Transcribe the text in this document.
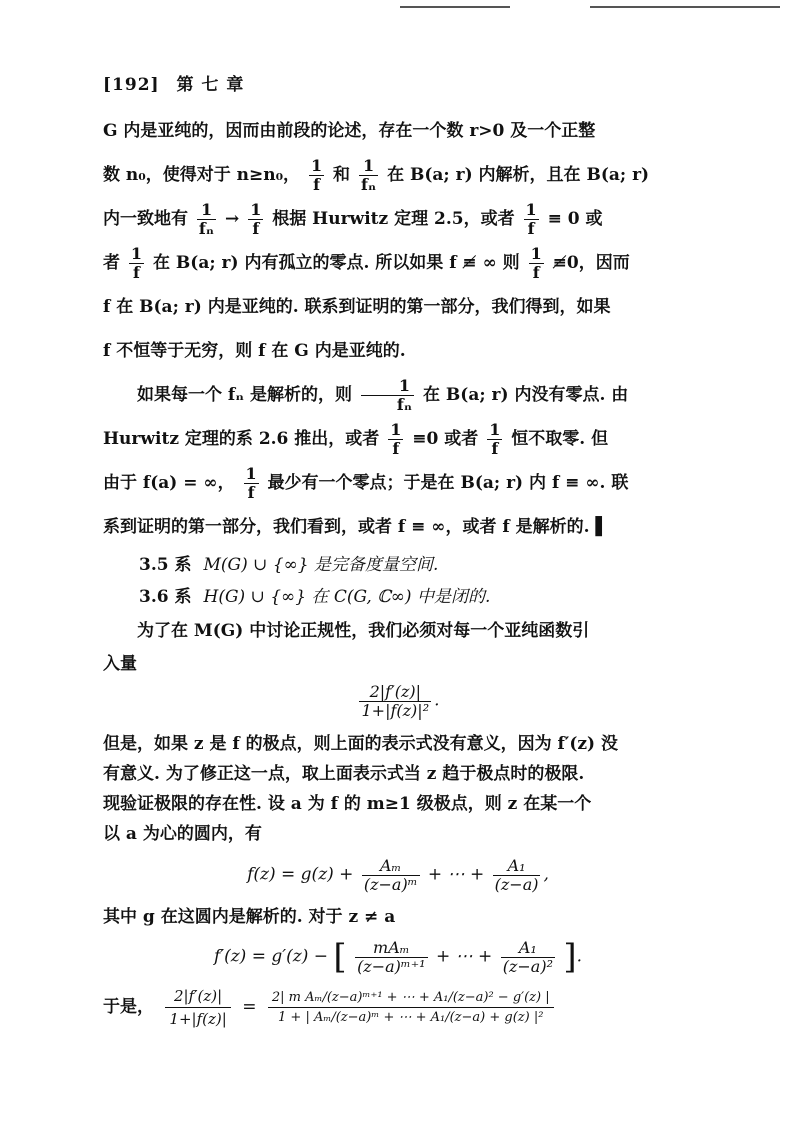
[192] 第 七 章

G 内是亚纯的，因而由前段的论述，存在一个数 r>0 及一个正整

数 n₀，使得对于 n≥n₀， $\frac{1}{f}$ 和 $\frac{1}{\text{fₙ}}$ 在 B(a; r) 内解析，且在 B(a; r)

内一致地有 $\frac{1}{\text{fₙ}} \to \frac{1}{f}$ 根据 Hurwitz 定理 2.5，或者 $\frac{1}{f} \equiv 0$ 或

者 $\frac{1}{f}$ 在 B(a; r) 内有孤立的零点. 所以如果 f ≢ ∞ 则 $\frac{1}{f}$ ≢0，因而

f 在 B(a; r) 内是亚纯的. 联系到证明的第一部分，我们得到，如果

f 不恒等于无穷，则 f 在 G 内是亚纯的.

如果每一个 fₙ 是解析的，则 $\frac{1}{\text{fₙ}}$ 在 B(a; r) 内没有零点. 由

Hurwitz 定理的系 2.6 推出，或者 $\frac{1}{f} \equiv 0$ 或者 $\frac{1}{f}$ 恒不取零. 但

由于 f(a) = ∞， $\frac{1}{f}$ 最少有一个零点；于是在 B(a; r) 内 f ≡ ∞. 联

系到证明的第一部分，我们看到，或者 f ≡ ∞，或者 f 是解析的. ▌

3.5 系 M(G) ∪ {∞} 是完备度量空间.
3.6 系 H(G) ∪ {∞} 在 C(G, ℂ∞) 中是闭的.

为了在 M(G) 中讨论正规性，我们必须对每一个亚纯函数引

入量

$\frac{2|f'(z)|}{\text{1+|f(z)|²}}$ .

但是，如果 z 是 f 的极点，则上面的表示式没有意义，因为 f′(z) 没

有意义. 为了修正这一点，取上面表示式当 z 趋于极点时的极限.

现验证极限的存在性. 设 a 为 f 的 m≥1 级极点，则 z 在某一个

以 a 为心的圆内，有

$f(z) = g(z) + \frac{\text{Aₘ}}{\text{(z−a)ᵐ}}$ + ⋯ + $\frac{\text{A₁}}{(z-a)}$ ,

其中 g 在这圆内是解析的. 对于 z ≠ a

f′(z) = g′(z) − [ $\frac{\text{mAₘ}}{\text{(z−a)ᵐ⁺¹}}$ + ⋯ + $\frac{\text{A₁}}{\text{(z−a)²}}$ ].
于是， $\frac{2|f'(z)|}{1+|f(z)|} = \frac{\text{2| m Aₘ/(z−a)ᵐ⁺¹ + ⋯ + A₁/(z−a)² − g′(z) |}}{\text{1 + | Aₘ/(z−a)ᵐ + ⋯ + A₁/(z−a) + g(z) |²}}$
